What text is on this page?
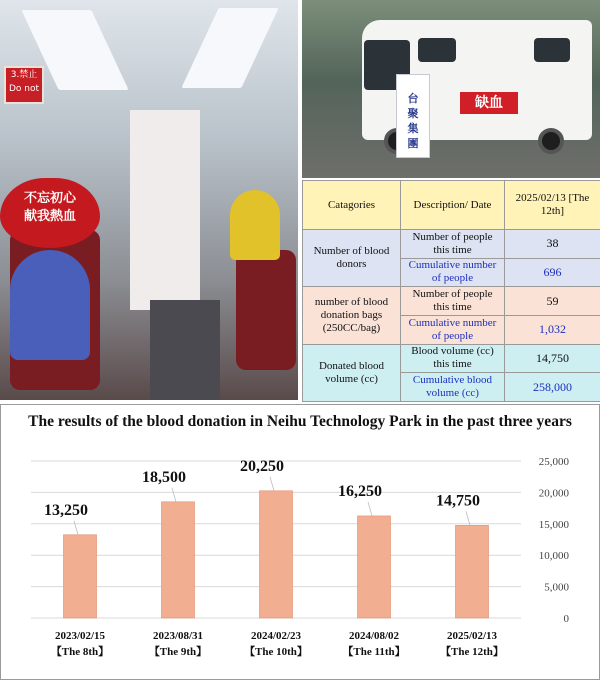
3.禁止
Do not
不忘初心
献我熱血
缺血
台
聚
集
團
Catagories	Description/ Date	2025/02/13 [The 12th]
Number of blood donors	Number of people this time	38
	Cumulative number of people	696
number of blood donation bags (250CC/bag)	Number of people this time	59
	Cumulative number of people	1,032
Donated blood volume (cc)	Blood volume (cc) this time	14,750
	Cumulative blood volume (cc)	258,000
The results of the blood donation in Neihu Technology Park in the past three years
0
5,000
10,000
15,000
20,000
25,000
13,250
2023/02/15
【The 8th】
18,500
2023/08/31
【The 9th】
20,250
2024/02/23
【The 10th】
16,250
2024/08/02
【The 11th】
14,750
2025/02/13
【The 12th】
